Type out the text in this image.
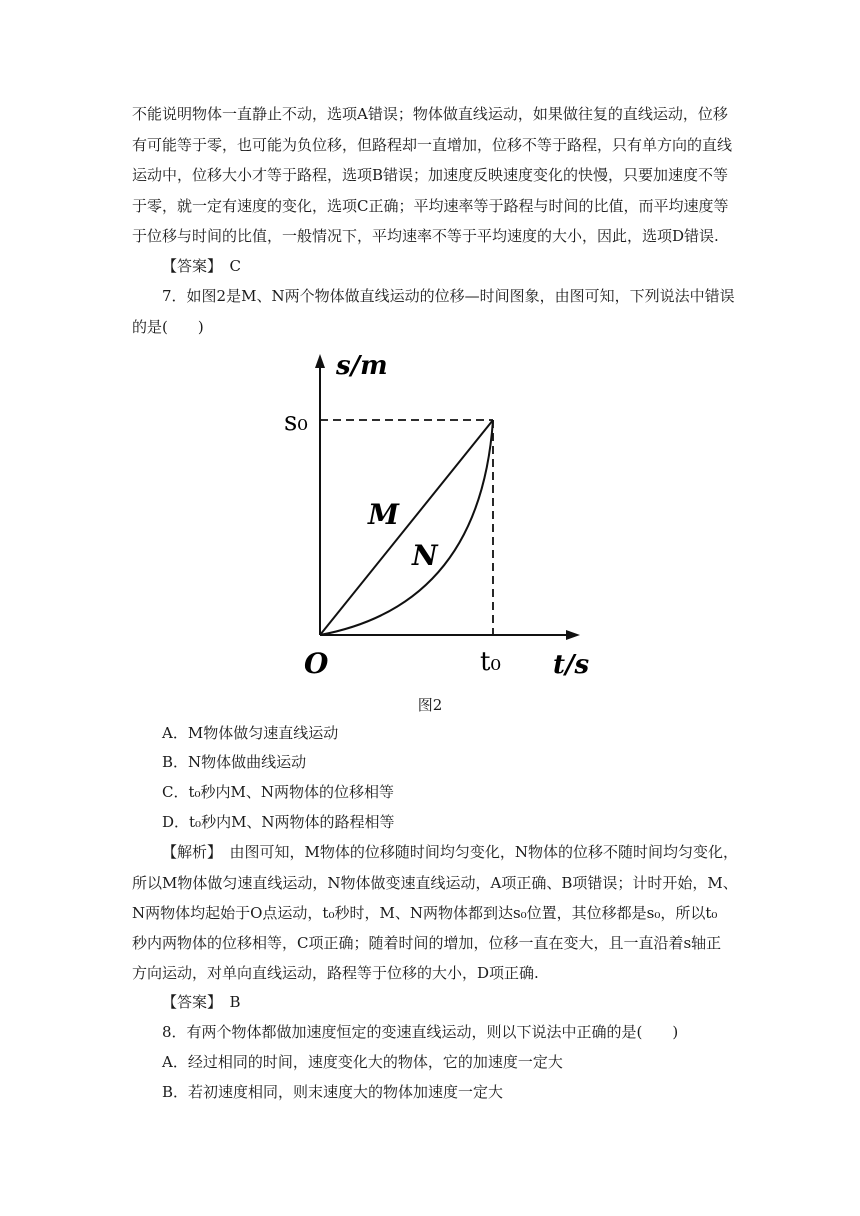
不能说明物体一直静止不动，选项A错误；物体做直线运动，如果做往复的直线运动，位移
有可能等于零，也可能为负位移，但路程却一直增加，位移不等于路程，只有单方向的直线
运动中，位移大小才等于路程，选项B错误；加速度反映速度变化的快慢，只要加速度不等
于零，就一定有速度的变化，选项C正确；平均速率等于路程与时间的比值，而平均速度等
于位移与时间的比值，一般情况下，平均速率不等于平均速度的大小，因此，选项D错误.
【答案】　C
7．如图2是M、N两个物体做直线运动的位移—时间图象，由图可知，下列说法中错误
的是(　　)
s/m
t/s
O
s₀
t₀
M
N
图2
A．M物体做匀速直线运动
B．N物体做曲线运动
C．t₀秒内M、N两物体的位移相等
D．t₀秒内M、N两物体的路程相等
【解析】　由图可知，M物体的位移随时间均匀变化，N物体的位移不随时间均匀变化，
所以M物体做匀速直线运动，N物体做变速直线运动，A项正确、B项错误；计时开始，M、
N两物体均起始于O点运动，t₀秒时，M、N两物体都到达s₀位置，其位移都是s₀，所以t₀
秒内两物体的位移相等，C项正确；随着时间的增加，位移一直在变大，且一直沿着s轴正
方向运动，对单向直线运动，路程等于位移的大小，D项正确.
【答案】　B
8．有两个物体都做加速度恒定的变速直线运动，则以下说法中正确的是(　　)
A．经过相同的时间，速度变化大的物体，它的加速度一定大
B．若初速度相同，则末速度大的物体加速度一定大
